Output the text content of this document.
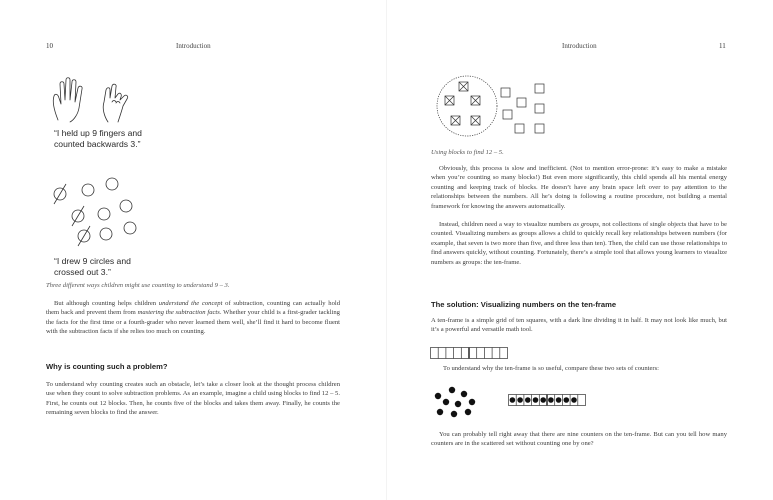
10	Introduction
“I held up 9 fingers and
counted backwards 3.”
“I drew 9 circles and
crossed out 3.”
Three different ways children might use counting to understand 9 – 3.

But although counting helps children understand the concept of subtraction, counting can actually hold them back and prevent them from mastering the subtraction facts. Whether your child is a first-grader tackling the facts for the first time or a fourth-grader who never learned them well, she’ll find it hard to become fluent with the subtraction facts if she relies too much on counting.

Why is counting such a problem?

To understand why counting creates such an obstacle, let’s take a closer look at the thought process children use when they count to solve subtraction problems. As an example, imagine a child using blocks to find 12 – 5. First, he counts out 12 blocks. Then, he counts five of the blocks and takes them away. Finally, he counts the remaining seven blocks to find the answer.

Introduction	11
Using blocks to find 12 – 5.

Obviously, this process is slow and inefficient. (Not to mention error-prone: it’s easy to make a mistake when you’re counting so many blocks!) But even more significantly, this child spends all his mental energy counting and keeping track of blocks. He doesn’t have any brain space left over to pay attention to the relationships between the numbers. All he’s doing is following a routine procedure, not building a mental framework for knowing the answers automatically.

Instead, children need a way to visualize numbers as groups, not collections of single objects that have to be counted. Visualizing numbers as groups allows a child to quickly recall key relationships between numbers (for example, that seven is two more than five, and three less than ten). Then, the child can use those relationships to find answers quickly, without counting. Fortunately, there’s a simple tool that allows young learners to visualize numbers as groups: the ten-frame.

The solution: Visualizing numbers on the ten-frame

A ten-frame is a simple grid of ten squares, with a dark line dividing it in half. It may not look like much, but it’s a powerful and versatile math tool.

To understand why the ten-frame is so useful, compare these two sets of counters:

You can probably tell right away that there are nine counters on the ten-frame. But can you tell how many counters are in the scattered set without counting one by one?
